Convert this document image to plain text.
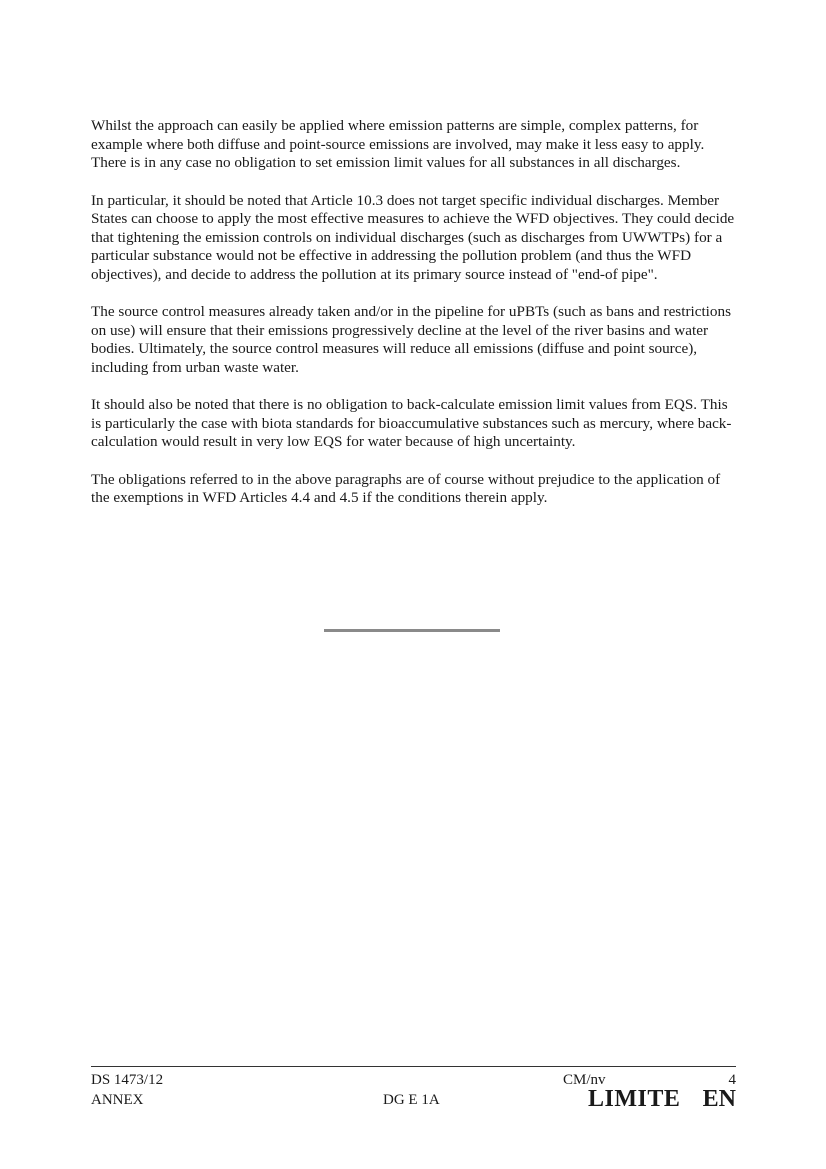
Whilst the approach can easily be applied where emission patterns are simple, complex patterns, for example where both diffuse and point-source emissions are involved, may make it less easy to apply. There is in any case no obligation to set emission limit values for all substances in all discharges.

In particular, it should be noted that Article 10.3 does not target specific individual discharges. Member States can choose to apply the most effective measures to achieve the WFD objectives. They could decide that tightening the emission controls on individual discharges (such as discharges from UWWTPs) for a particular substance would not be effective in addressing the pollution problem (and thus the WFD objectives), and decide to address the pollution at its primary source instead of "end-of pipe".

The source control measures already taken and/or in the pipeline for uPBTs (such as bans and restrictions on use) will ensure that their emissions progressively decline at the level of the river basins and water bodies. Ultimately, the source control measures will reduce all emissions (diffuse and point source), including from urban waste water.

It should also be noted that there is no obligation to back-calculate emission limit values from EQS. This is particularly the case with biota standards for bioaccumulative substances such as mercury, where back-calculation would result in very low EQS for water because of high uncertainty.

The obligations referred to in the above paragraphs are of course without prejudice to the application of the exemptions in WFD Articles 4.4 and 4.5 if the conditions therein apply.

DS 1473/12
ANNEX	DG E 1A
CM/nv	4
LIMITE EN
